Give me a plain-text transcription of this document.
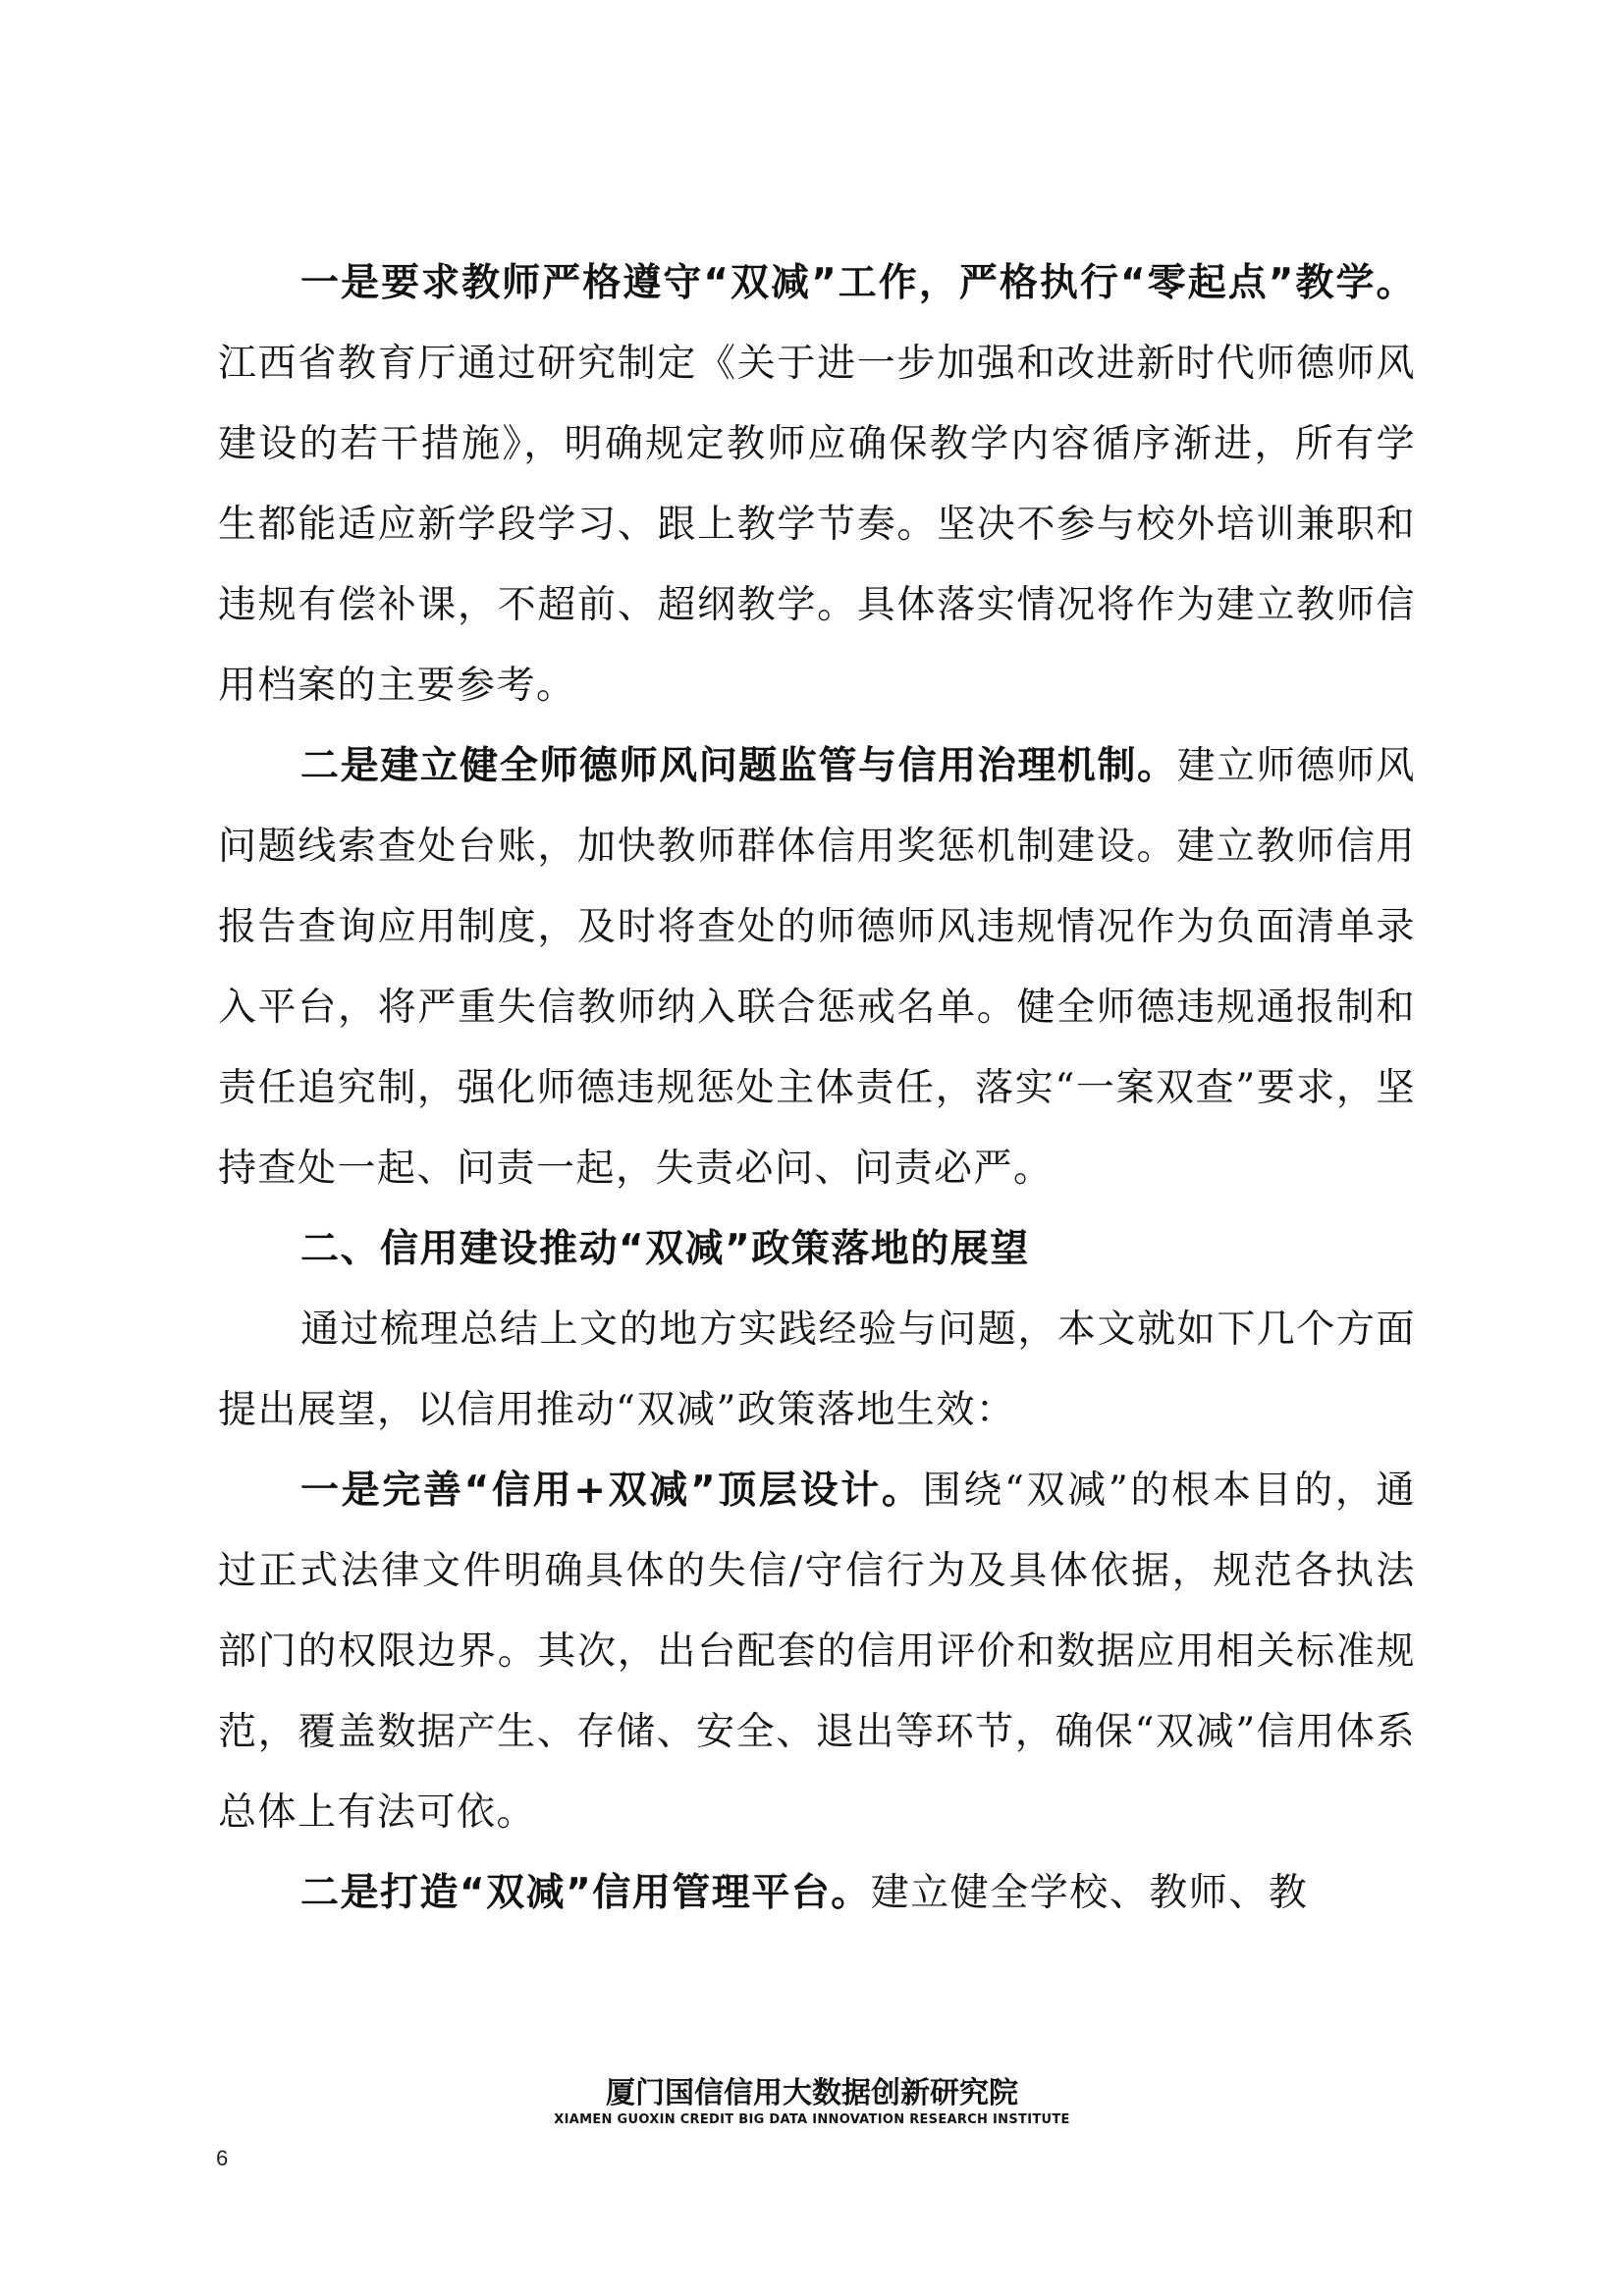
一是要求教师严格遵守“双减”工作，严格执行“零起点”教学。江西省教育厅通过研究制定《关于进一步加强和改进新时代师德师风建设的若干措施》，明确规定教师应确保教学内容循序渐进，所有学生都能适应新学段学习、跟上教学节奏。坚决不参与校外培训兼职和违规有偿补课，不超前、超纲教学。具体落实情况将作为建立教师信用档案的主要参考。

二是建立健全师德师风问题监管与信用治理机制。建立师德师风问题线索查处台账，加快教师群体信用奖惩机制建设。建立教师信用报告查询应用制度，及时将查处的师德师风违规情况作为负面清单录入平台，将严重失信教师纳入联合惩戒名单。健全师德违规通报制和责任追究制，强化师德违规惩处主体责任，落实“一案双查”要求，坚持查处一起、问责一起，失责必问、问责必严。

二、信用建设推动“双减”政策落地的展望

通过梳理总结上文的地方实践经验与问题，本文就如下几个方面提出展望，以信用推动“双减”政策落地生效：

一是完善“信用+双减”顶层设计。围绕“双减”的根本目的，通过正式法律文件明确具体的失信/守信行为及具体依据，规范各执法部门的权限边界。其次，出台配套的信用评价和数据应用相关标准规范，覆盖数据产生、存储、安全、退出等环节，确保“双减”信用体系总体上有法可依。

二是打造“双减”信用管理平台。建立健全学校、教师、教

厦门国信信用大数据创新研究院
XIAMEN GUOXIN CREDIT BIG DATA INNOVATION RESEARCH INSTITUTE
6
